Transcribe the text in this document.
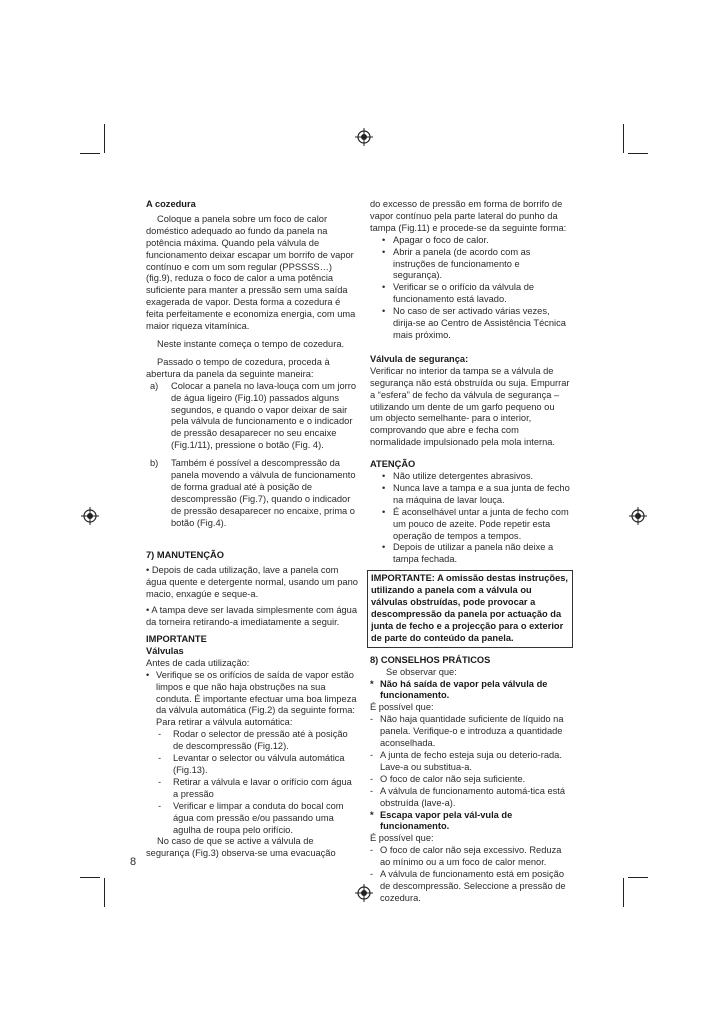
A cozedura

Coloque a panela sobre um foco de calor doméstico adequado ao fundo da panela na potência máxima. Quando pela válvula de funcionamento deixar escapar um borrifo de vapor contínuo e com um som regular (PPSSSS…) (fig.9), reduza o foco de calor a uma potência suficiente para manter a pressão sem uma saída exagerada de vapor. Desta forma a cozedura é feita perfeitamente e economiza energia, com uma maior riqueza vitamínica.

Neste instante começa o tempo de cozedura.

Passado o tempo de cozedura, proceda à abertura da panela da seguinte maneira:

a)	Colocar a panela no lava-louça com um jorro de água ligeiro (Fig.10) passados alguns segundos, e quando o vapor deixar de sair pela válvula de funcionamento e o indicador de pressão desaparecer no seu encaixe (Fig.1/11), pressione o botão (Fig. 4).
b)	Também é possível a descompressão da panela movendo a válvula de funcionamento de forma gradual até à posição de descompressão (Fig.7), quando o indicador de pressão desaparecer no encaixe, prima o botão (Fig.4).

7) MANUTENÇÃO

• Depois de cada utilização, lave a panela com água quente e detergente normal, usando um pano macio, enxagúe e seque-a.

• A tampa deve ser lavada simplesmente com água da torneira retirando-a imediatamente a seguir.

IMPORTANTE

Válvulas

Antes de cada utilização:

• Verifique se os orifícios de saída de vapor estão limpos e que não haja obstruções na sua conduta. É importante efectuar uma boa limpeza da válvula automática (Fig.2) da seguinte forma:

Para retirar a válvula automática:

-	Rodar o selector de pressão até à posição de descompressão (Fig.12).
-	Levantar o selector ou válvula automática (Fig.13).
-	Retirar a válvula e lavar o orifício com água a pressão
-	Verificar e limpar a conduta do bocal com água com pressão e/ou passando uma agulha de roupa pelo orifício.

No caso de que se active a válvula de segurança (Fig.3) observa-se uma evacuação

do excesso de pressão em forma de borrifo de vapor contínuo pela parte lateral do punho da tampa (Fig.11) e procede-se da seguinte forma:

• Apagar o foco de calor.
• Abrir a panela (de acordo com as instruções de funcionamento e segurança).
• Verificar se o orifício da válvula de funcionamento está lavado.
• No caso de ser activado várias vezes, dirija-se ao Centro de Assistência Técnica mais próximo.

Válvula de segurança:

Verificar no interior da tampa se a válvula de segurança não está obstruída ou suja. Empurrar a “esfera” de fecho da válvula de segurança –utilizando um dente de um garfo pequeno ou um objecto semelhante- para o interior, comprovando que abre e fecha com normalidade impulsionado pela mola interna.

ATENÇÃO

• Não utilize detergentes abrasivos.
• Nunca lave a tampa e a sua junta de fecho na máquina de lavar louça.
• É aconselhável untar a junta de fecho com um pouco de azeite. Pode repetir esta operação de tempos a tempos.
• Depois de utilizar a panela não deixe a tampa fechada.
IMPORTANTE: A omissão destas instruções, utilizando a panela com a válvula ou válvulas obstruídas, pode provocar a descompressão da panela por actuação da junta de fecho e a projecção para o exterior de parte do conteúdo da panela.

8) CONSELHOS PRÁTICOS

Se observar que:

* Não há saída de vapor pela válvula de funcionamento.

É possível que:

- Não haja quantidade suficiente de líquido na panela. Verifique-o e introduza a quantidade aconselhada.
- A junta de fecho esteja suja ou deterio-rada. Lave-a ou substitua-a.
- O foco de calor não seja suficiente.
- A válvula de funcionamento automá-tica está obstruída (lave-a).
* Escapa vapor pela vál-vula de funcionamento.

É possível que:

- O foco de calor não seja excessivo. Reduza ao mínimo ou a um foco de calor menor.
- A válvula de funcionamento está em posição de descompressão. Seleccione a pressão de cozedura.
8
